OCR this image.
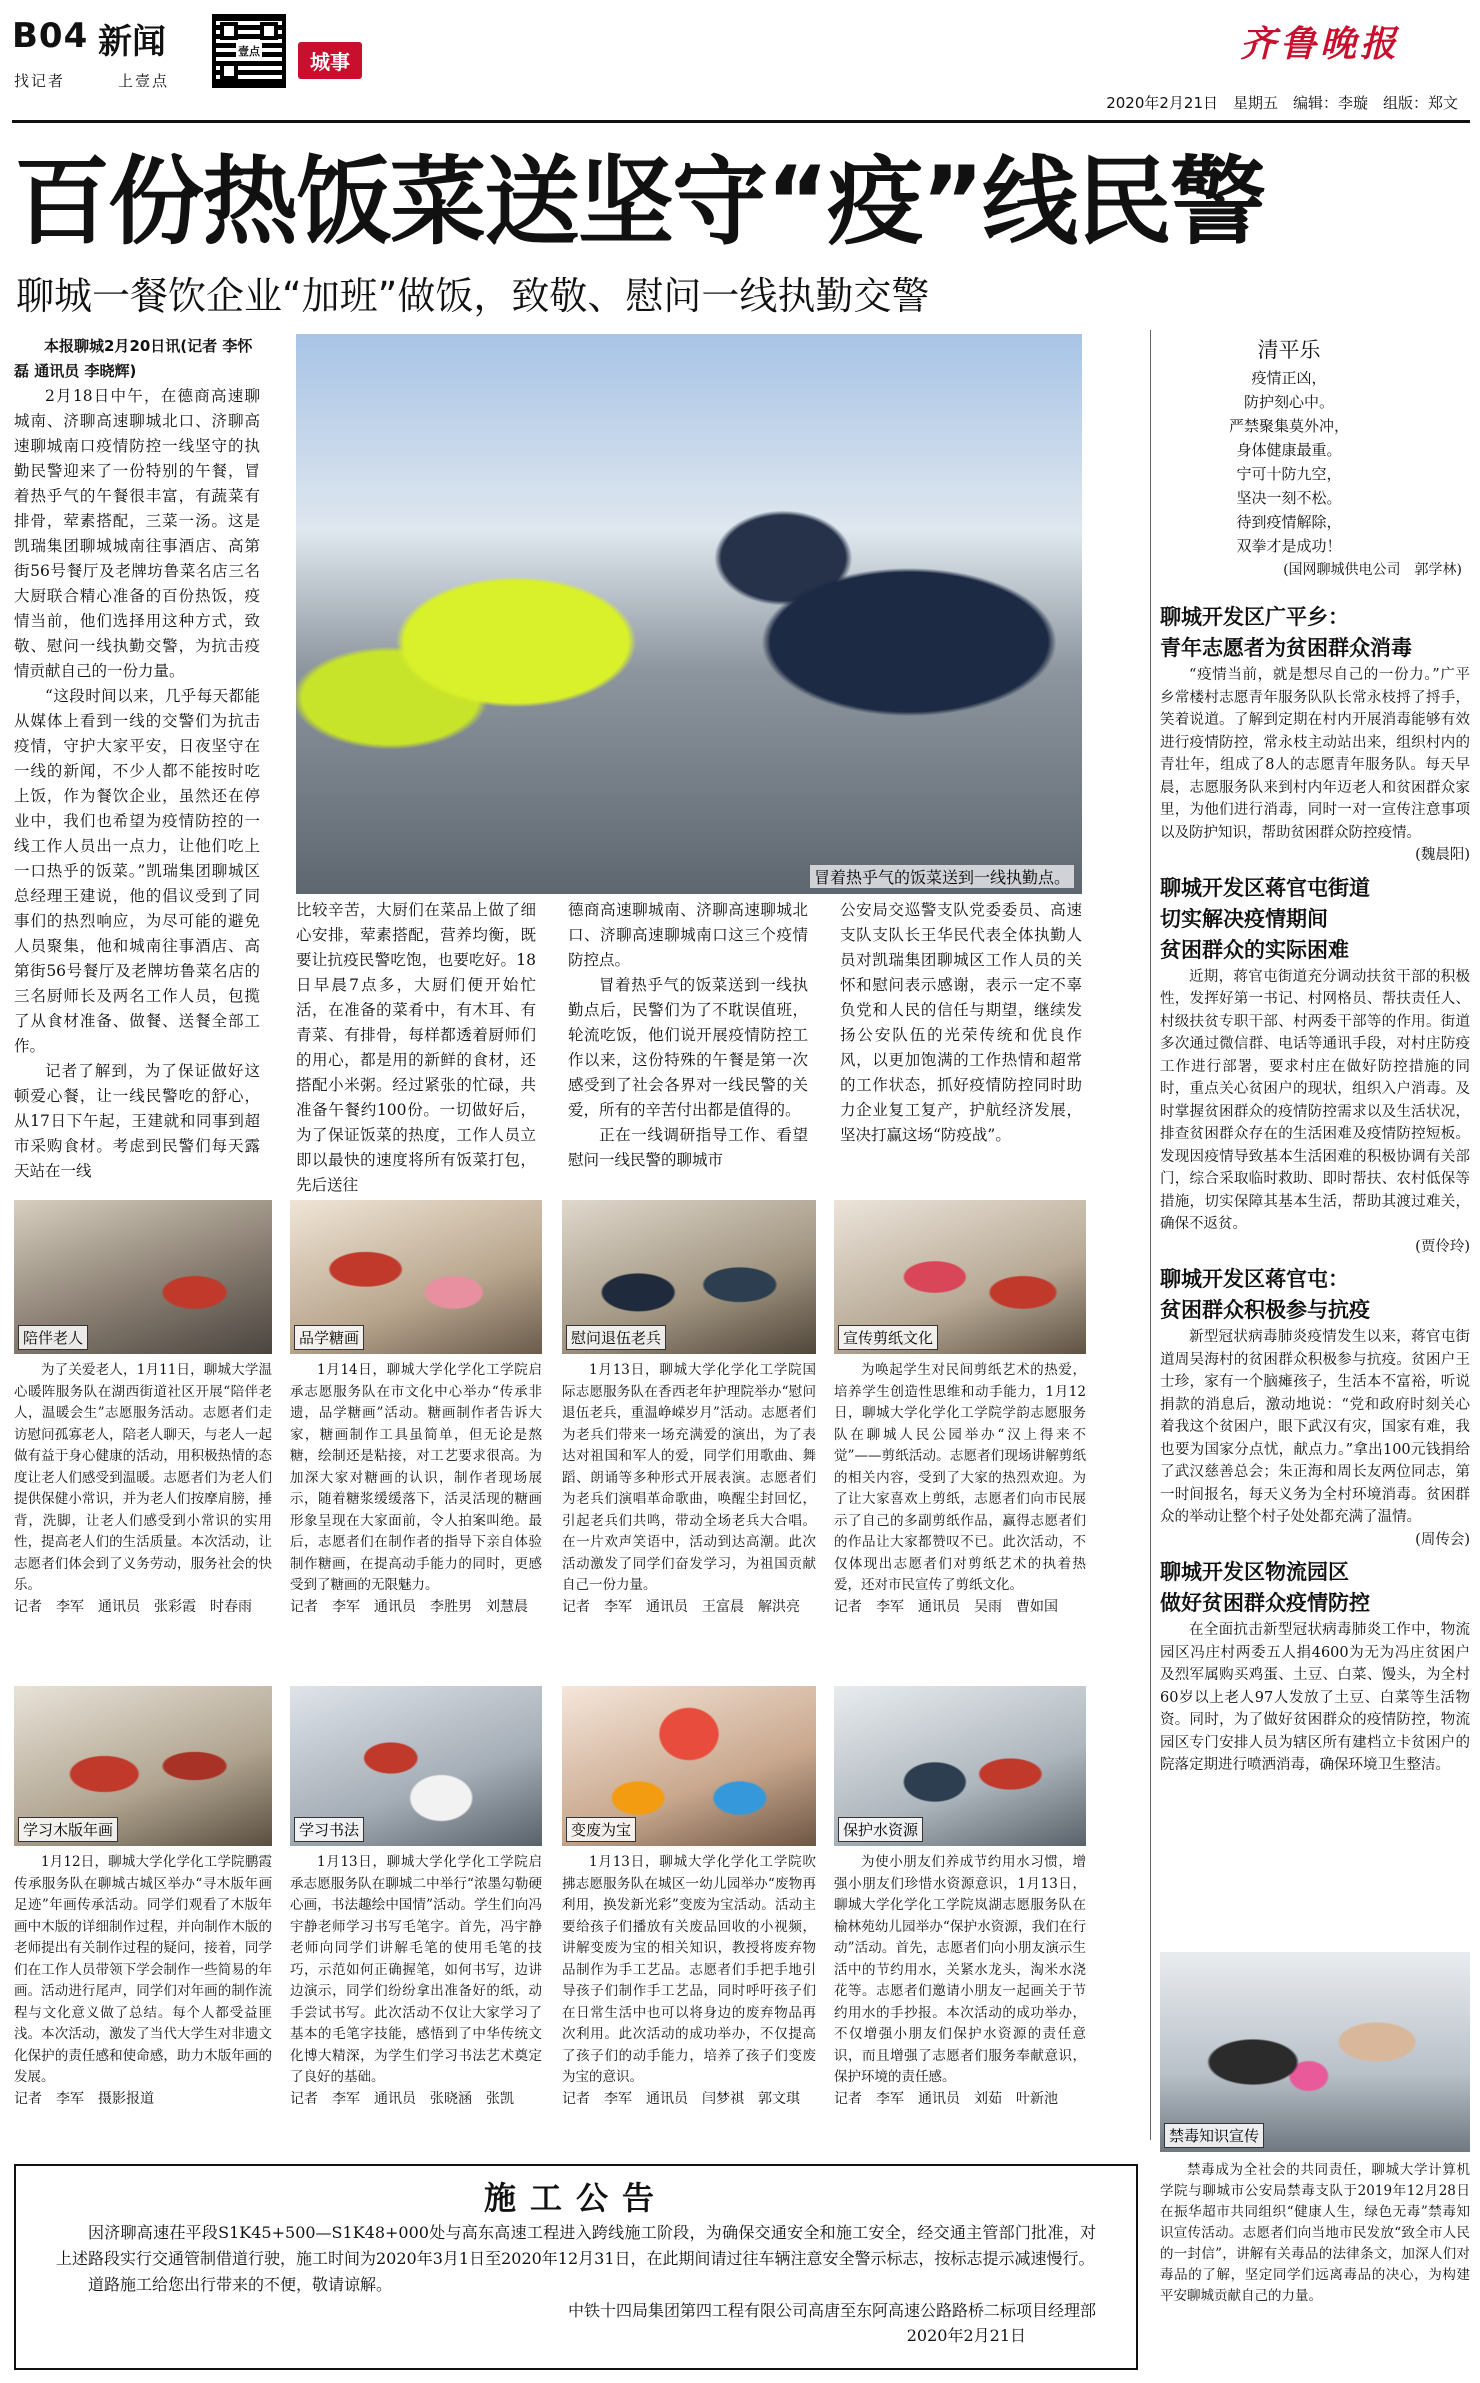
B04 新闻
找记者	上壹点
壹点	城事	齐鲁晚报
2020年2月21日　星期五　编辑：李璇　组版：郑文
百份热饭菜送坚守“疫”线民警
聊城一餐饮企业“加班”做饭，致敬、慰问一线执勤交警
本报聊城2月20日讯(记者 李怀磊 通讯员 李晓辉)
2月18日中午，在德商高速聊城南、济聊高速聊城北口、济聊高速聊城南口疫情防控一线坚守的执勤民警迎来了一份特别的午餐，冒着热乎气的午餐很丰富，有蔬菜有排骨，荤素搭配，三菜一汤。这是凯瑞集团聊城城南往事酒店、高第街56号餐厅及老牌坊鲁菜名店三名大厨联合精心准备的百份热饭，疫情当前，他们选择用这种方式，致敬、慰问一线执勤交警，为抗击疫情贡献自己的一份力量。
“这段时间以来，几乎每天都能从媒体上看到一线的交警们为抗击疫情，守护大家平安，日夜坚守在一线的新闻，不少人都不能按时吃上饭，作为餐饮企业，虽然还在停业中，我们也希望为疫情防控的一线工作人员出一点力，让他们吃上一口热乎的饭菜。”凯瑞集团聊城区总经理王建说，他的倡议受到了同事们的热烈响应，为尽可能的避免人员聚集，他和城南往事酒店、高第街56号餐厅及老牌坊鲁菜名店的三名厨师长及两名工作人员，包揽了从食材准备、做餐、送餐全部工作。
记者了解到，为了保证做好这顿爱心餐，让一线民警吃的舒心，从17日下午起，王建就和同事到超市采购食材。考虑到民警们每天露天站在一线
冒着热乎气的饭菜送到一线执勤点。
比较辛苦，大厨们在菜品上做了细心安排，荤素搭配，营养均衡，既要让抗疫民警吃饱，也要吃好。18日早晨7点多，大厨们便开始忙活，在准备的菜肴中，有木耳、有青菜、有排骨，每样都透着厨师们的用心，都是用的新鲜的食材，还搭配小米粥。经过紧张的忙碌，共准备午餐约100份。一切做好后，为了保证饭菜的热度，工作人员立即以最快的速度将所有饭菜打包，先后送往
德商高速聊城南、济聊高速聊城北口、济聊高速聊城南口这三个疫情防控点。
冒着热乎气的饭菜送到一线执勤点后，民警们为了不耽误值班，轮流吃饭，他们说开展疫情防控工作以来，这份特殊的午餐是第一次感受到了社会各界对一线民警的关爱，所有的辛苦付出都是值得的。
正在一线调研指导工作、看望慰问一线民警的聊城市
公安局交巡警支队党委委员、高速支队支队长王华民代表全体执勤人员对凯瑞集团聊城区工作人员的关怀和慰问表示感谢，表示一定不辜负党和人民的信任与期望，继续发扬公安队伍的光荣传统和优良作风，以更加饱满的工作热情和超常的工作状态，抓好疫情防控同时助力企业复工复产，护航经济发展，坚决打赢这场“防疫战”。
清平乐
疫情正凶，
防护刻心中。
严禁聚集莫外冲，
身体健康最重。
宁可十防九空，
坚决一刻不松。
待到疫情解除，
双拳才是成功！
(国网聊城供电公司　郭学林)
聊城开发区广平乡：
青年志愿者为贫困群众消毒
“疫情当前，就是想尽自己的一份力。”广平乡常楼村志愿青年服务队队长常永枝捋了捋手，笑着说道。了解到定期在村内开展消毒能够有效进行疫情防控，常永枝主动站出来，组织村内的青壮年，组成了8人的志愿青年服务队。每天早晨，志愿服务队来到村内年迈老人和贫困群众家里，为他们进行消毒，同时一对一宣传注意事项以及防护知识，帮助贫困群众防控疫情。
(魏晨阳)
聊城开发区蒋官屯街道
切实解决疫情期间
贫困群众的实际困难
近期，蒋官屯街道充分调动扶贫干部的积极性，发挥好第一书记、村网格员、帮扶责任人、村级扶贫专职干部、村两委干部等的作用。街道多次通过微信群、电话等通讯手段，对村庄防疫工作进行部署，要求村庄在做好防控措施的同时，重点关心贫困户的现状，组织入户消毒。及时掌握贫困群众的疫情防控需求以及生活状况，排查贫困群众存在的生活困难及疫情防控短板。发现因疫情导致基本生活困难的积极协调有关部门，综合采取临时救助、即时帮扶、农村低保等措施，切实保障其基本生活，帮助其渡过难关，确保不返贫。
(贾伶玲)
聊城开发区蒋官屯：
贫困群众积极参与抗疫
新型冠状病毒肺炎疫情发生以来，蒋官屯街道周吴海村的贫困群众积极参与抗疫。贫困户王士珍，家有一个脑瘫孩子，生活本不富裕，听说捐款的消息后，激动地说：“党和政府时刻关心着我这个贫困户，眼下武汉有灾，国家有难，我也要为国家分点忧，献点力。”拿出100元钱捐给了武汉慈善总会；朱正海和周长友两位同志，第一时间报名，每天义务为全村环境消毒。贫困群众的举动让整个村子处处都充满了温情。
(周传会)
聊城开发区物流园区
做好贫困群众疫情防控
在全面抗击新型冠状病毒肺炎工作中，物流园区冯庄村两委五人捐4600为无为冯庄贫困户及烈军属购买鸡蛋、土豆、白菜、馒头，为全村60岁以上老人97人发放了土豆、白菜等生活物资。同时，为了做好贫困群众的疫情防控，物流园区专门安排人员为辖区所有建档立卡贫困户的院落定期进行喷洒消毒，确保环境卫生整洁。
禁毒知识宣传
禁毒成为全社会的共同责任，聊城大学计算机学院与聊城市公安局禁毒支队于2019年12月28日在振华超市共同组织“健康人生，绿色无毒”禁毒知识宣传活动。志愿者们向当地市民发放“致全市人民的一封信”，讲解有关毒品的法律条文，加深人们对毒品的了解，坚定同学们远离毒品的决心，为构建平安聊城贡献自己的力量。
陪伴老人	品学糖画	慰问退伍老兵	宣传剪纸文化
为了关爱老人，1月11日，聊城大学温心暖阵服务队在湖西街道社区开展“陪伴老人，温暖会生”志愿服务活动。志愿者们走访慰问孤寡老人，陪老人聊天，与老人一起做有益于身心健康的活动，用积极热情的态度让老人们感受到温暖。志愿者们为老人们提供保健小常识，并为老人们按摩肩膀，捶背，洗脚，让老人们感受到小常识的实用性，提高老人们的生活质量。本次活动，让志愿者们体会到了义务劳动，服务社会的快乐。
记者　李军　通讯员　张彩霞　时春雨
1月14日，聊城大学化学化工学院启承志愿服务队在市文化中心举办“传承非遗，品学糖画”活动。糖画制作者告诉大家，糖画制作工具虽简单，但无论是熬糖，绘制还是粘接，对工艺要求很高。为加深大家对糖画的认识，制作者现场展示，随着糖浆缓缓落下，活灵活现的糖画形象呈现在大家面前，令人拍案叫绝。最后，志愿者们在制作者的指导下亲自体验制作糖画，在提高动手能力的同时，更感受到了糖画的无限魅力。
记者　李军　通讯员　李胜男　刘慧晨
1月13日，聊城大学化学化工学院国际志愿服务队在香西老年护理院举办“慰问退伍老兵，重温峥嵘岁月”活动。志愿者们为老兵们带来一场充满爱的演出，为了表达对祖国和军人的爱，同学们用歌曲、舞蹈、朗诵等多种形式开展表演。志愿者们为老兵们演唱革命歌曲，唤醒尘封回忆，引起老兵们共鸣，带动全场老兵大合唱。在一片欢声笑语中，活动到达高潮。此次活动激发了同学们奋发学习，为祖国贡献自己一份力量。
记者　李军　通讯员　王富晨　解洪亮
为唤起学生对民间剪纸艺术的热爱，培养学生创造性思维和动手能力，1月12日，聊城大学化学化工学院学韵志愿服务队在聊城人民公园举办“汉上得来不觉”——剪纸活动。志愿者们现场讲解剪纸的相关内容，受到了大家的热烈欢迎。为了让大家喜欢上剪纸，志愿者们向市民展示了自己的多副剪纸作品，赢得志愿者们的作品让大家都赞叹不已。此次活动，不仅体现出志愿者们对剪纸艺术的执着热爱，还对市民宣传了剪纸文化。
记者　李军　通讯员　吴雨　曹如国
学习木版年画	学习书法	变废为宝	保护水资源
1月12日，聊城大学化学化工学院鹏霞传承服务队在聊城古城区举办“寻木版年画足迹”年画传承活动。同学们观看了木版年画中木版的详细制作过程，并向制作木版的老师提出有关制作过程的疑问，接着，同学们在工作人员带领下学会制作一些简易的年画。活动进行尾声，同学们对年画的制作流程与文化意义做了总结。每个人都受益匪浅。本次活动，激发了当代大学生对非遗文化保护的责任感和使命感，助力木版年画的发展。
记者　李军　摄影报道
1月13日，聊城大学化学化工学院启承志愿服务队在聊城二中举行“浓墨勾勒硬心画，书法趣绘中国情”活动。学生们向冯宇静老师学习书写毛笔字。首先，冯宇静老师向同学们讲解毛笔的使用毛笔的技巧，示范如何正确握笔，如何书写，边讲边演示，同学们纷纷拿出准备好的纸，动手尝试书写。此次活动不仅让大家学习了基本的毛笔字技能，感悟到了中华传统文化博大精深，为学生们学习书法艺术奠定了良好的基础。
记者　李军　通讯员　张晓涵　张凯
1月13日，聊城大学化学化工学院吹拂志愿服务队在城区一幼儿园举办“废物再利用，换发新光彩”变废为宝活动。活动主要给孩子们播放有关废品回收的小视频，讲解变废为宝的相关知识，教授将废弃物品制作为手工艺品。志愿者们手把手地引导孩子们制作手工艺品，同时呼吁孩子们在日常生活中也可以将身边的废弃物品再次利用。此次活动的成功举办，不仅提高了孩子们的动手能力，培养了孩子们变废为宝的意识。
记者　李军　通讯员　闫梦祺　郭文琪
为使小朋友们养成节约用水习惯，增强小朋友们珍惜水资源意识，1月13日，聊城大学化学化工学院岚湖志愿服务队在榆林苑幼儿园举办“保护水资源，我们在行动”活动。首先，志愿者们向小朋友演示生活中的节约用水，关紧水龙头，淘米水浇花等。志愿者们邀请小朋友一起画关于节约用水的手抄报。本次活动的成功举办，不仅增强小朋友们保护水资源的责任意识，而且增强了志愿者们服务奉献意识，保护环境的责任感。
记者　李军　通讯员　刘茹　叶新池
施工公告
因济聊高速茌平段S1K45+500—S1K48+000处与高东高速工程进入跨线施工阶段，为确保交通安全和施工安全，经交通主管部门批准，对上述路段实行交通管制借道行驶，施工时间为2020年3月1日至2020年12月31日，在此期间请过往车辆注意安全警示标志，按标志提示减速慢行。
道路施工给您出行带来的不便，敬请谅解。
中铁十四局集团第四工程有限公司高唐至东阿高速公路路桥二标项目经理部
2020年2月21日
